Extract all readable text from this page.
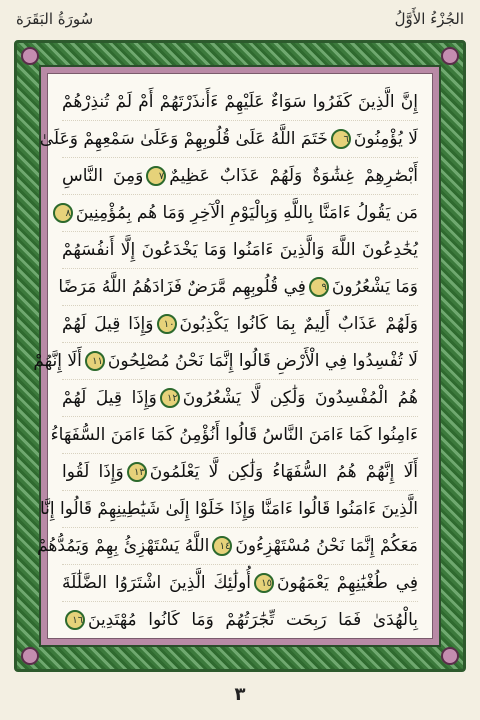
سُورَةُ البَقَرَة	الجُزْءُ الأَوَّلُ
إِنَّ الَّذِينَ كَفَرُوا سَوَاءٌ عَلَيْهِمْ ءَأَنذَرْتَهُمْ أَمْ لَمْ تُنذِرْهُمْ
لَا يُؤْمِنُونَ٦خَتَمَ اللَّهُ عَلَىٰ قُلُوبِهِمْ وَعَلَىٰ سَمْعِهِمْ وَعَلَىٰ
أَبْصَٰرِهِمْ غِشَٰوَةٌ وَلَهُمْ عَذَابٌ عَظِيمٌ٧وَمِنَ النَّاسِ
مَن يَقُولُ ءَامَنَّا بِاللَّهِ وَبِالْيَوْمِ الْآخِرِ وَمَا هُم بِمُؤْمِنِينَ٨
يُخَٰدِعُونَ اللَّهَ وَالَّذِينَ ءَامَنُوا وَمَا يَخْدَعُونَ إِلَّا أَنفُسَهُمْ
وَمَا يَشْعُرُونَ٩فِي قُلُوبِهِم مَّرَضٌ فَزَادَهُمُ اللَّهُ مَرَضًا
وَلَهُمْ عَذَابٌ أَلِيمٌ بِمَا كَانُوا يَكْذِبُونَ١٠وَإِذَا قِيلَ لَهُمْ
لَا تُفْسِدُوا فِي الْأَرْضِ قَالُوا إِنَّمَا نَحْنُ مُصْلِحُونَ١١أَلَا إِنَّهُمْ
هُمُ الْمُفْسِدُونَ وَلَٰكِن لَّا يَشْعُرُونَ١٢وَإِذَا قِيلَ لَهُمْ
ءَامِنُوا كَمَا ءَامَنَ النَّاسُ قَالُوا أَنُؤْمِنُ كَمَا ءَامَنَ السُّفَهَاءُ
أَلَا إِنَّهُمْ هُمُ السُّفَهَاءُ وَلَٰكِن لَّا يَعْلَمُونَ١٣وَإِذَا لَقُوا
الَّذِينَ ءَامَنُوا قَالُوا ءَامَنَّا وَإِذَا خَلَوْا إِلَىٰ شَيَٰطِينِهِمْ قَالُوا إِنَّا
مَعَكُمْ إِنَّمَا نَحْنُ مُسْتَهْزِءُونَ١٤اللَّهُ يَسْتَهْزِئُ بِهِمْ وَيَمُدُّهُمْ
فِي طُغْيَٰنِهِمْ يَعْمَهُونَ١٥أُولَٰئِكَ الَّذِينَ اشْتَرَوُا الضَّلَٰلَةَ
بِالْهُدَىٰ فَمَا رَبِحَت تِّجَٰرَتُهُمْ وَمَا كَانُوا مُهْتَدِينَ١٦
٣
